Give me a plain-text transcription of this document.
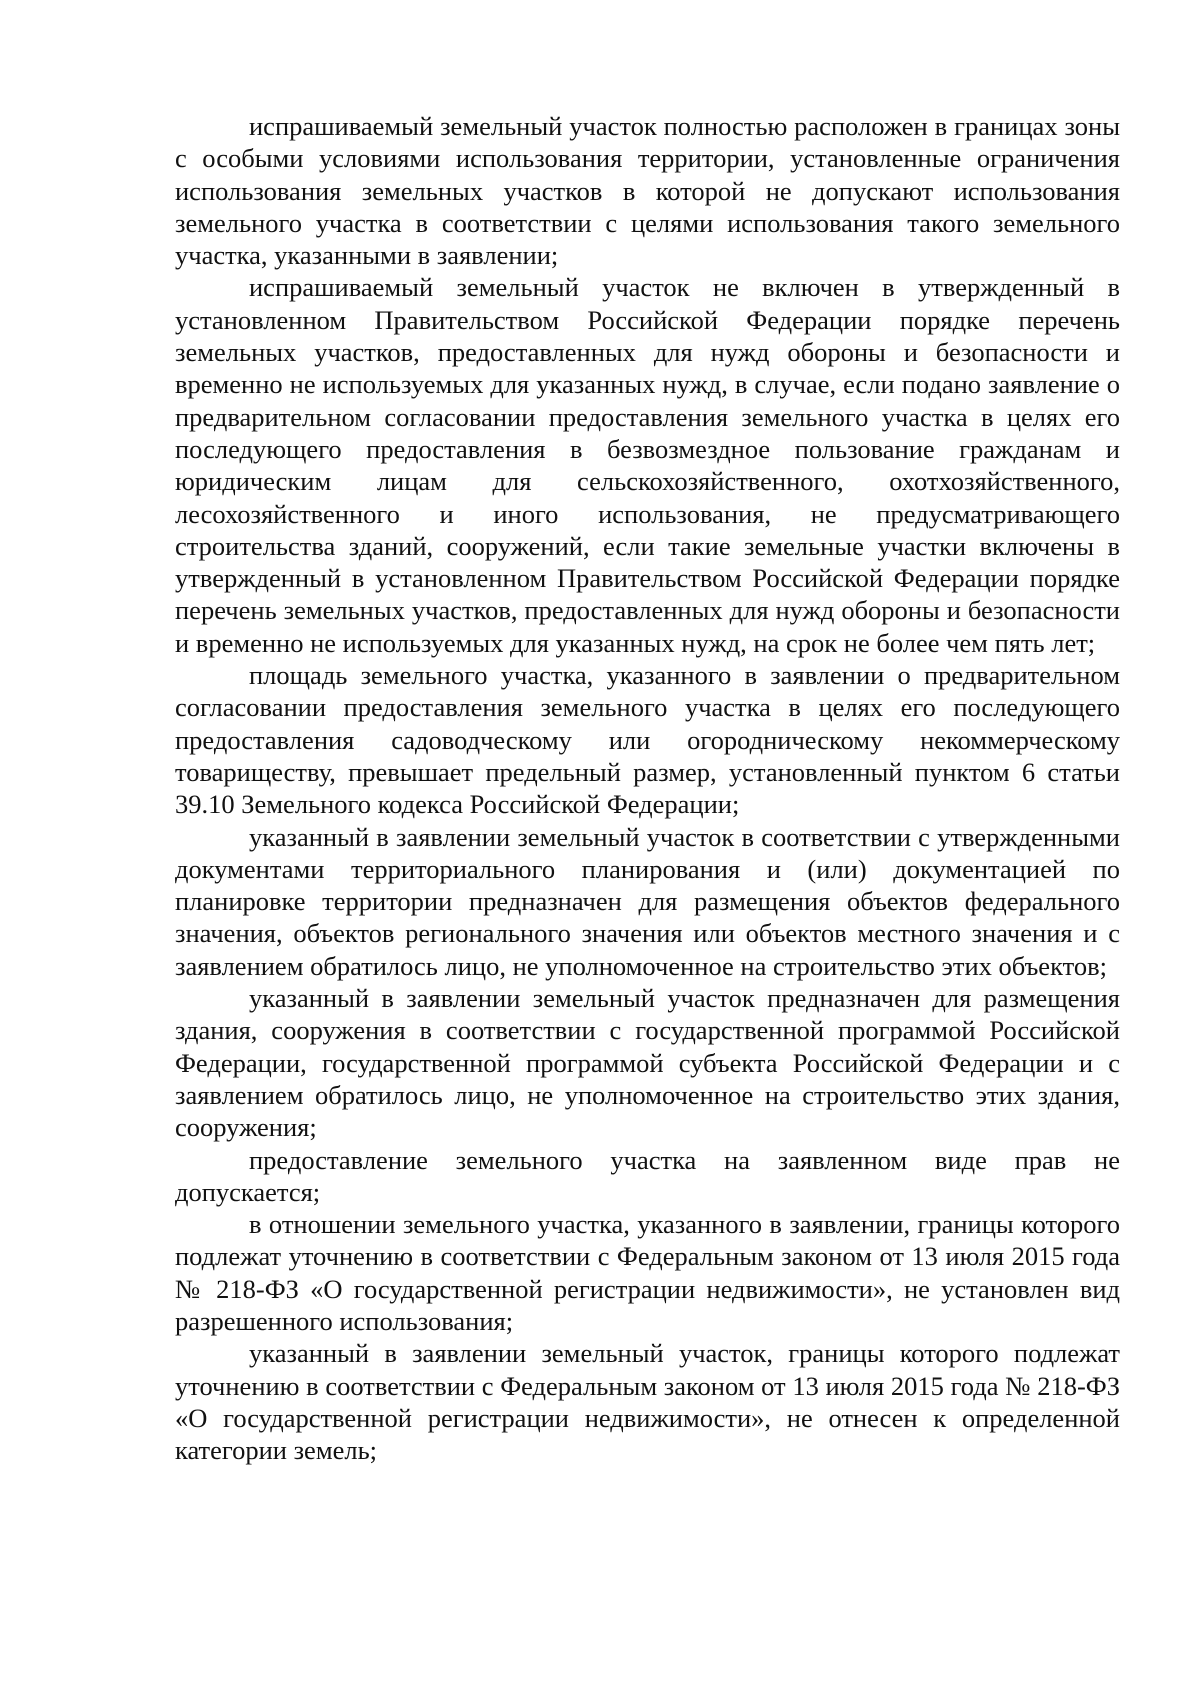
испрашиваемый земельный участок полностью расположен в границах зоны с особыми условиями использования территории, установленные ограничения использования земельных участков в которой не допускают использования земельного участка в соответствии с целями использования такого земельного участка, указанными в заявлении;

испрашиваемый земельный участок не включен в утвержденный в установленном Правительством Российской Федерации порядке перечень земельных участков, предоставленных для нужд обороны и безопасности и временно не используемых для указанных нужд, в случае, если подано заявление о предварительном согласовании предоставления земельного участка в целях его последующего предоставления в безвозмездное пользование гражданам и юридическим лицам для сельскохозяйственного, охотхозяйственного, лесохозяйственного и иного использования, не предусматривающего строительства зданий, сооружений, если такие земельные участки включены в утвержденный в установленном Правительством Российской Федерации порядке перечень земельных участков, предоставленных для нужд обороны и безопасности и временно не используемых для указанных нужд, на срок не более чем пять лет;

площадь земельного участка, указанного в заявлении о предварительном согласовании предоставления земельного участка в целях его последующего предоставления садоводческому или огородническому некоммерческому товариществу, превышает предельный размер, установленный пунктом 6 статьи 39.10 Земельного кодекса Российской Федерации;

указанный в заявлении земельный участок в соответствии с утвержденными документами территориального планирования и (или) документацией по планировке территории предназначен для размещения объектов федерального значения, объектов регионального значения или объектов местного значения и с заявлением обратилось лицо, не уполномоченное на строительство этих объектов;

указанный в заявлении земельный участок предназначен для размещения здания, сооружения в соответствии с государственной программой Российской Федерации, государственной программой субъекта Российской Федерации и с заявлением обратилось лицо, не уполномоченное на строительство этих здания, сооружения;

предоставление земельного участка на заявленном виде прав не допускается;

в отношении земельного участка, указанного в заявлении, границы которого подлежат уточнению в соответствии с Федеральным законом от 13 июля 2015 года № 218-ФЗ «О государственной регистрации недвижимости», не установлен вид разрешенного использования;

указанный в заявлении земельный участок, границы которого подлежат уточнению в соответствии с Федеральным законом от 13 июля 2015 года № 218-ФЗ «О государственной регистрации недвижимости», не отнесен к определенной категории земель;
